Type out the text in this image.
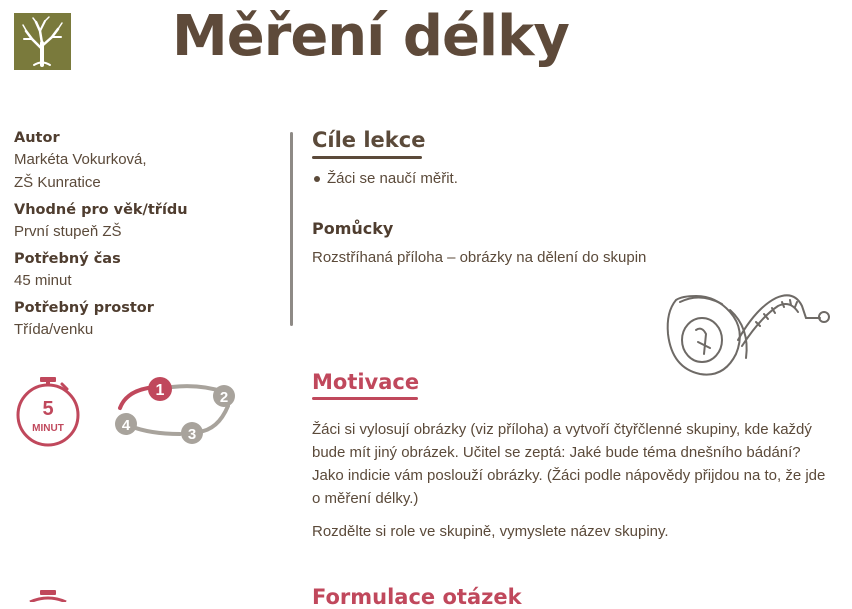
Měření délky

Autor

Markéta Vokurková,

ZŠ Kunratice

Vhodné pro věk/třídu

První stupeň ZŠ

Potřebný čas

45 minut

Potřebný prostor

Třída/venku

Cíle lekce

Žáci se naučí měřit.

Pomůcky

Rozstříhaná příloha – obrázky na dělení do skupin

5
MINUT
1	2
3
4
Motivace
Žáci si vylosují obrázky (viz příloha) a vytvoří čtyřčlenné skupiny, kde každý
bude mít jiný obrázek. Učitel se zeptá: Jaké bude téma dnešního bádání?
Jako indicie vám poslouží obrázky. (Žáci podle nápovědy přijdou na to, že jde
o měření délky.)

Rozdělte si role ve skupině, vymyslete název skupiny.

Formulace otázek
